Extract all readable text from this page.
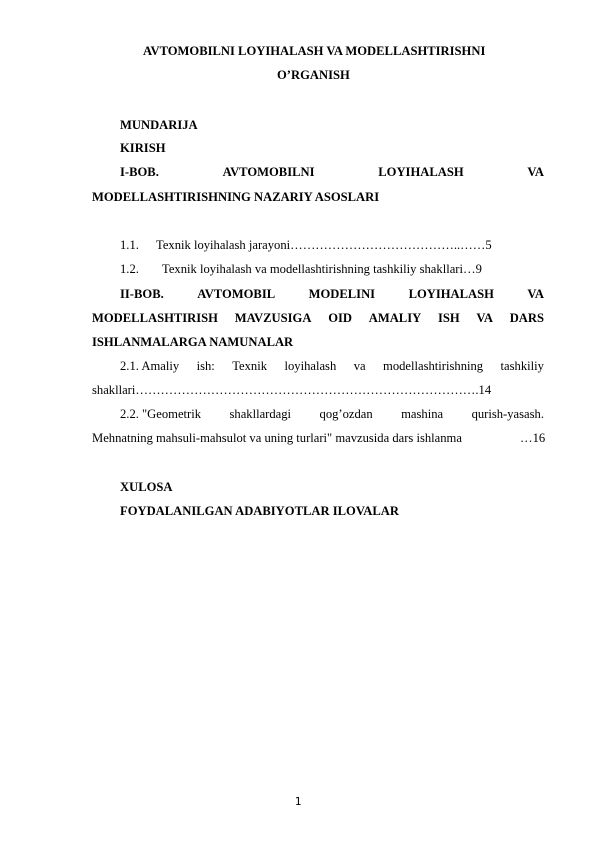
AVTOMOBILNI LOYIHALASH VA MODELLASHTIRISHNI
O’RGANISH
MUNDARIJA
KIRISH
I-BOB.	AVTOMOBILNI	LOYIHALASH	VA
MODELLASHTIRISHNING NAZARIY ASOSLARI
1.1. Texnik loyihalash jarayoni…………………………………..……5
1.2. Texnik loyihalash va modellashtirishning tashkiliy shakllari…9
II-BOB.	AVTOMOBIL	MODELINI	LOYIHALASH	VA
MODELLASHTIRISH MAVZUSIGA OID AMALIY ISH VA DARS
ISHLANMALARGA NAMUNALAR
2.1. Amaliy ish: Texnik loyihalash va modellashtirishning tashkiliy
shakllari……………………………………………………………………….14
2.2. "Geometrik shakllardagi qog’ozdan mashina qurish-yasash.
Mehnatning mahsuli-mahsulot va uning turlari" mavzusida dars ishlanma	…16
XULOSA
FOYDALANILGAN ADABIYOTLAR ILOVALAR
1
